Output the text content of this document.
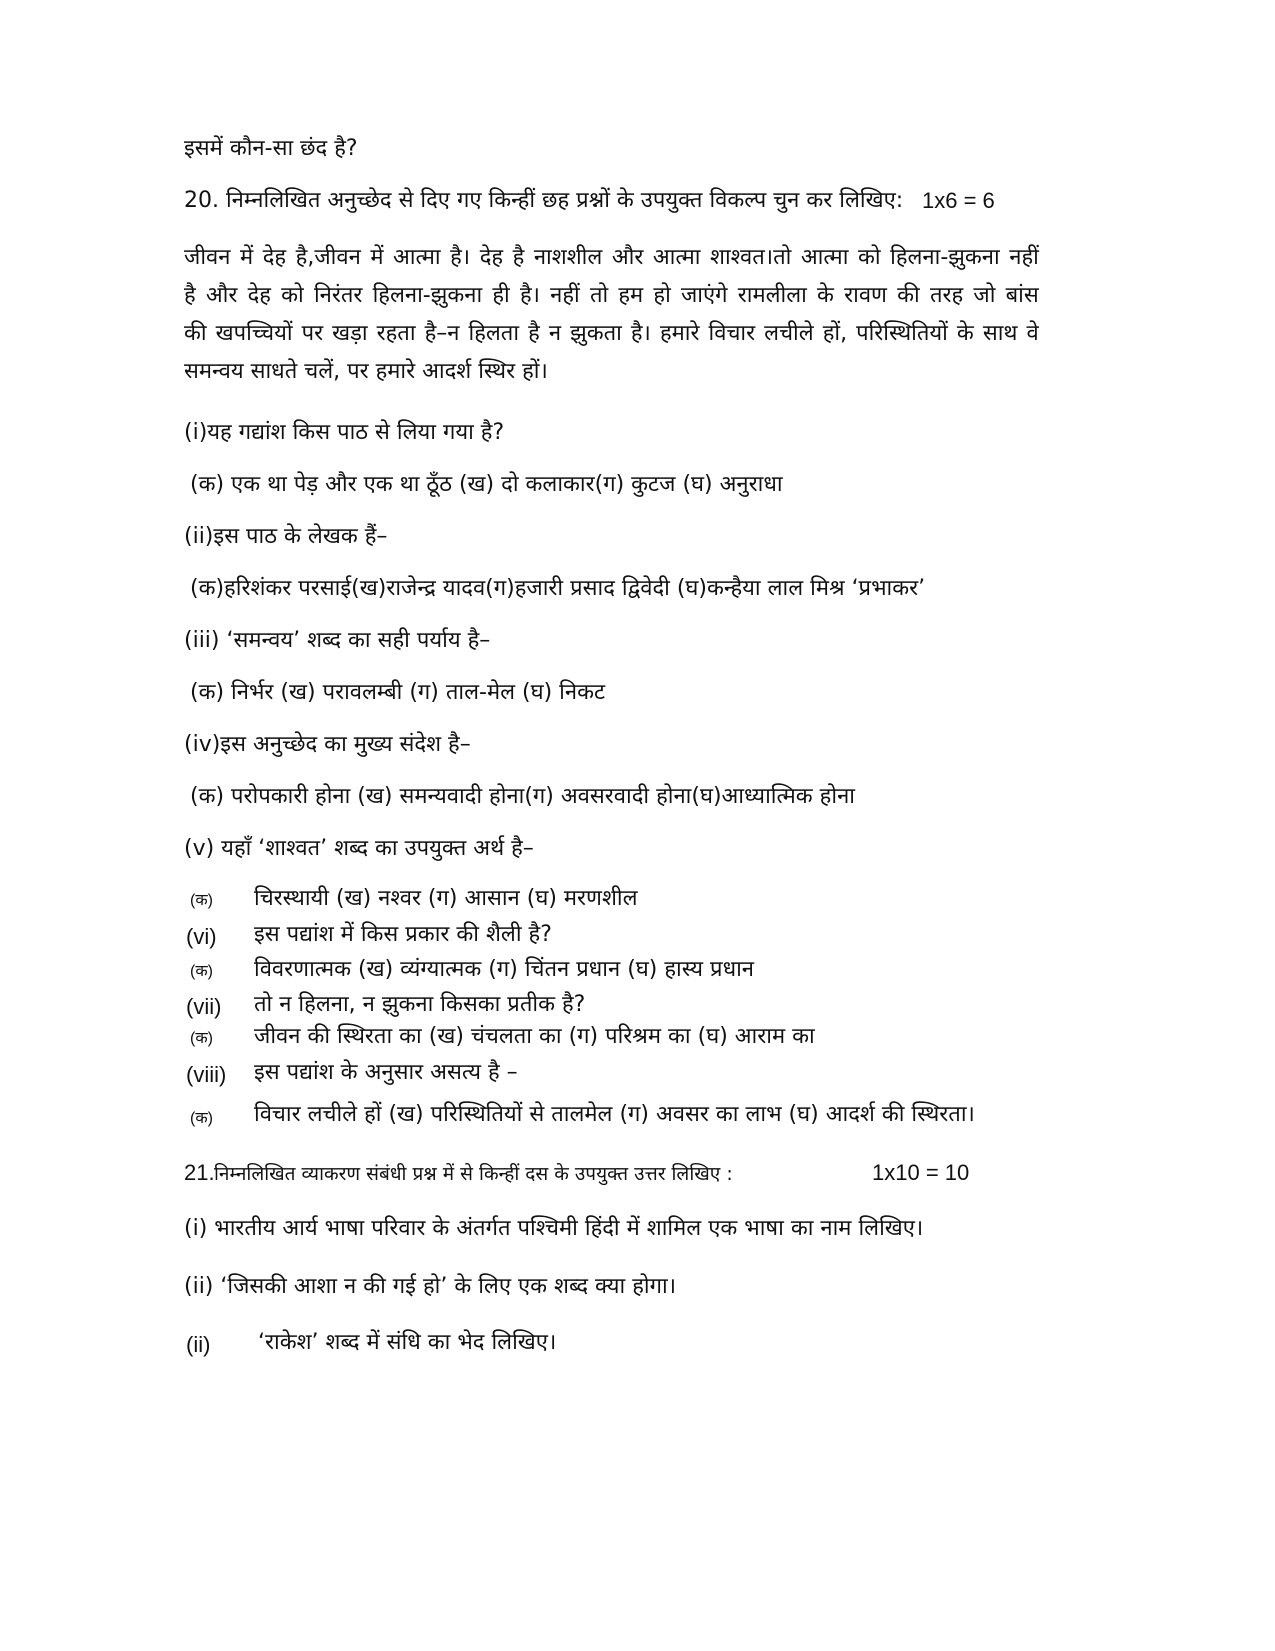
इसमें कौन-सा छंद है?
20. निम्नलिखित अनुच्छेद से दिए गए किन्हीं छह प्रश्नों के उपयुक्त विकल्प चुन कर लिखिए: 1x6 = 6
जीवन में देह है,जीवन में आत्मा है। देह है नाशशील और आत्मा शाश्वत।तो आत्मा को हिलना-झुकना नहीं
है और देह को निरंतर हिलना-झुकना ही है। नहीं तो हम हो जाएंगे रामलीला के रावण की तरह जो बांस
की खपच्चियों पर खड़ा रहता है–न हिलता है न झुकता है। हमारे विचार लचीले हों, परिस्थितियों के साथ वे
समन्वय साधते चलें, पर हमारे आदर्श स्थिर हों।
(i)यह गद्यांश किस पाठ से लिया गया है?
(क) एक था पेड़ और एक था ठूँठ (ख) दो कलाकार(ग) कुटज (घ) अनुराधा
(ii)इस पाठ के लेखक हैं–
(क)हरिशंकर परसाई(ख)राजेन्द्र यादव(ग)हजारी प्रसाद द्विवेदी (घ)कन्हैया लाल मिश्र ‘प्रभाकर’
(iii) ‘समन्वय’ शब्द का सही पर्याय है–
(क) निर्भर (ख) परावलम्बी (ग) ताल-मेल (घ) निकट
(iv)इस अनुच्छेद का मुख्य संदेश है–
(क) परोपकारी होना (ख) समन्यवादी होना(ग) अवसरवादी होना(घ)आध्यात्मिक होना
(v) यहाँ ‘शाश्वत’ शब्द का उपयुक्त अर्थ है–
(क) चिरस्थायी (ख) नश्वर (ग) आसान (घ) मरणशील
(vi) इस पद्यांश में किस प्रकार की शैली है?
(क) विवरणात्मक (ख) व्यंग्यात्मक (ग) चिंतन प्रधान (घ) हास्य प्रधान
(vii) तो न हिलना, न झुकना किसका प्रतीक है?
(क) जीवन की स्थिरता का (ख) चंचलता का (ग) परिश्रम का (घ) आराम का
(viii) इस पद्यांश के अनुसार असत्य है –
(क) विचार लचीले हों (ख) परिस्थितियों से तालमेल (ग) अवसर का लाभ (घ) आदर्श की स्थिरता।
21. निम्नलिखित व्याकरण संबंधी प्रश्न में से किन्हीं दस के उपयुक्त उत्तर लिखिए :	1x10 = 10
(i) भारतीय आर्य भाषा परिवार के अंतर्गत पश्चिमी हिंदी में शामिल एक भाषा का नाम लिखिए।
(ii) ‘जिसकी आशा न की गई हो’ के लिए एक शब्द क्या होगा।
(ii) ‘राकेश’ शब्द में संधि का भेद लिखिए।
